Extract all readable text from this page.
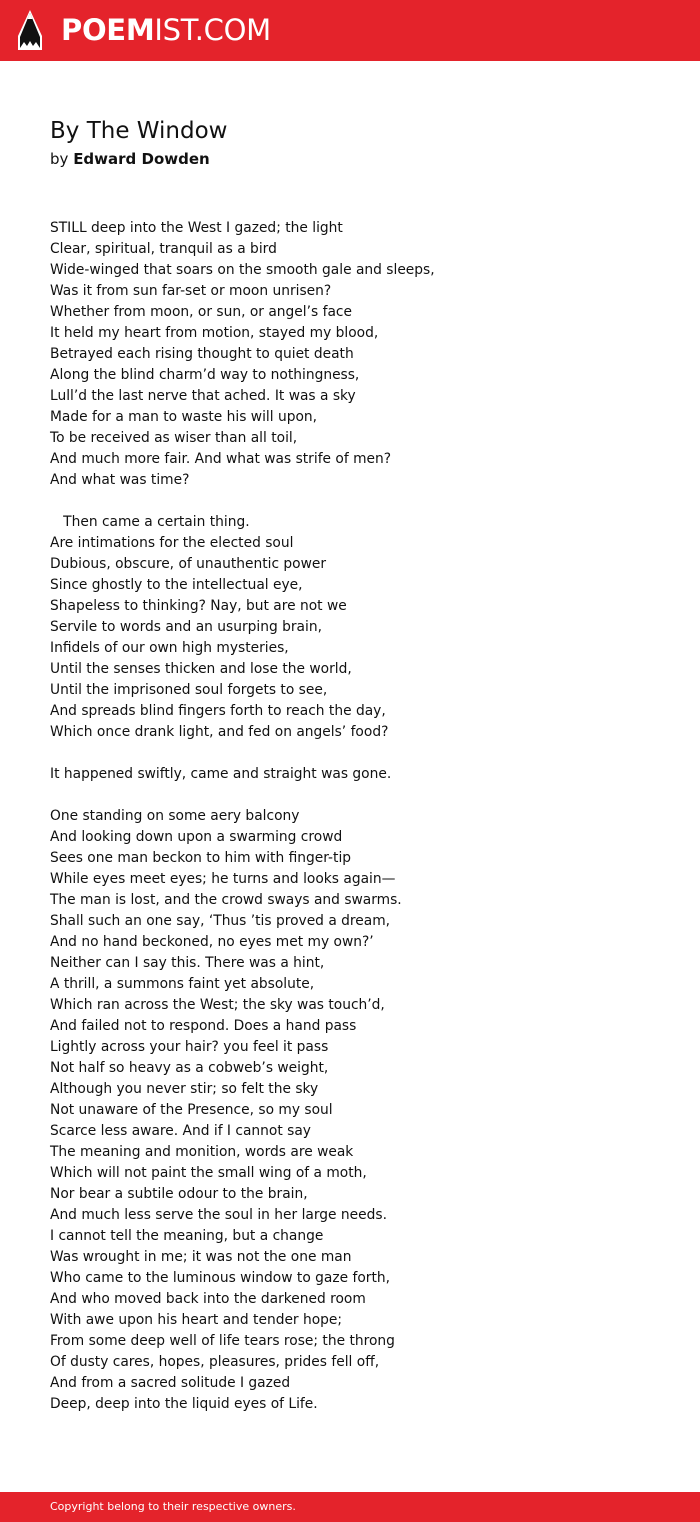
POEMIST.COM
By The Window
by Edward Dowden
STILL deep into the West I gazed; the light
Clear, spiritual, tranquil as a bird
Wide-winged that soars on the smooth gale and sleeps,
Was it from sun far-set or moon unrisen?
Whether from moon, or sun, or angel’s face
It held my heart from motion, stayed my blood,
Betrayed each rising thought to quiet death
Along the blind charm’d way to nothingness,
Lull’d the last nerve that ached. It was a sky
Made for a man to waste his will upon,
To be received as wiser than all toil,
And much more fair. And what was strife of men?
And what was time?
Then came a certain thing.
Are intimations for the elected soul
Dubious, obscure, of unauthentic power
Since ghostly to the intellectual eye,
Shapeless to thinking? Nay, but are not we
Servile to words and an usurping brain,
Infidels of our own high mysteries,
Until the senses thicken and lose the world,
Until the imprisoned soul forgets to see,
And spreads blind fingers forth to reach the day,
Which once drank light, and fed on angels’ food?
It happened swiftly, came and straight was gone.
One standing on some aery balcony
And looking down upon a swarming crowd
Sees one man beckon to him with finger-tip
While eyes meet eyes; he turns and looks again—
The man is lost, and the crowd sways and swarms.
Shall such an one say, ‘Thus ’tis proved a dream,
And no hand beckoned, no eyes met my own?’
Neither can I say this. There was a hint,
A thrill, a summons faint yet absolute,
Which ran across the West; the sky was touch’d,
And failed not to respond. Does a hand pass
Lightly across your hair? you feel it pass
Not half so heavy as a cobweb’s weight,
Although you never stir; so felt the sky
Not unaware of the Presence, so my soul
Scarce less aware. And if I cannot say
The meaning and monition, words are weak
Which will not paint the small wing of a moth,
Nor bear a subtile odour to the brain,
And much less serve the soul in her large needs.
I cannot tell the meaning, but a change
Was wrought in me; it was not the one man
Who came to the luminous window to gaze forth,
And who moved back into the darkened room
With awe upon his heart and tender hope;
From some deep well of life tears rose; the throng
Of dusty cares, hopes, pleasures, prides fell off,
And from a sacred solitude I gazed
Deep, deep into the liquid eyes of Life.
Copyright belong to their respective owners.
